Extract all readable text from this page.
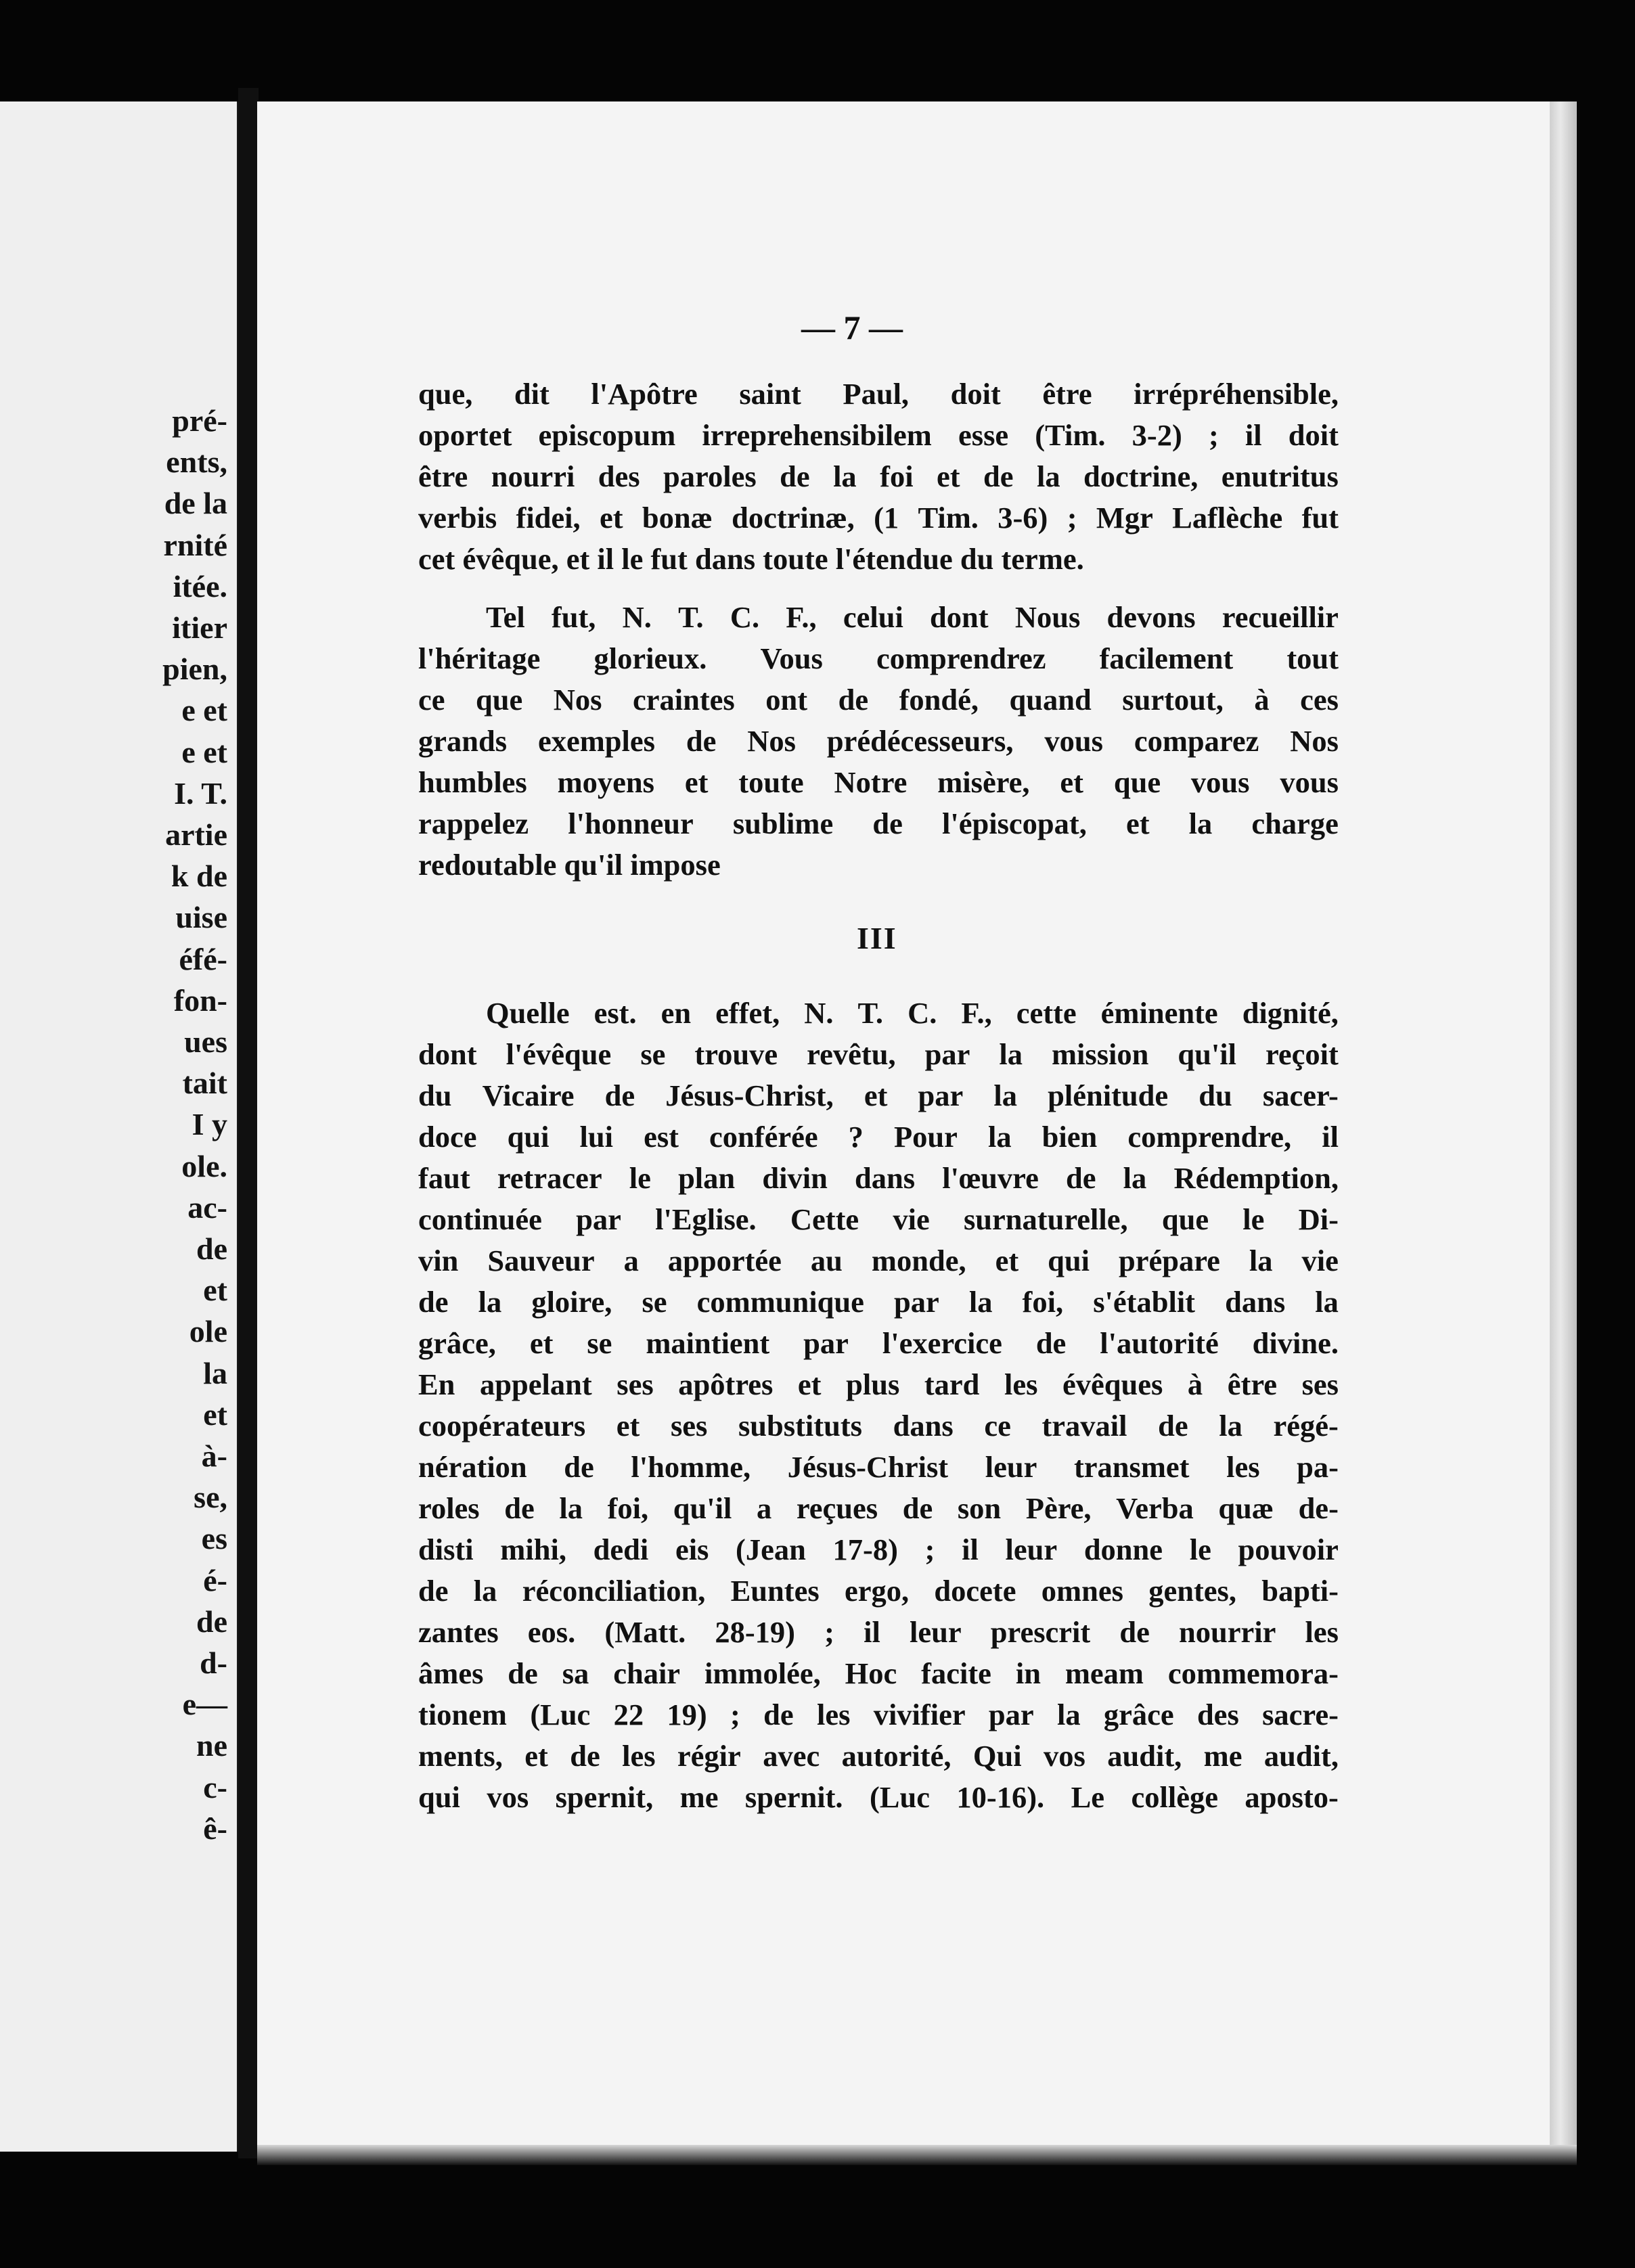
pré-

ents,

de la

rnité

itée.

itier

pien,

e et

e et

I. T.

artie

k de

uise

éfé-

fon-

ues

tait

I y

ole.

ac-

de

et

ole

la

et

à-

se,

es

é-

de

d-

e—

ne

c-

ê-

— 7 —

que, dit l'Apôtre saint Paul, doit être irrépréhensible,
oportet episcopum irreprehensibilem esse (Tim. 3-2) ; il doit
être nourri des paroles de la foi et de la doctrine, enutritus
verbis fidei, et bonæ doctrinæ, (1 Tim. 3-6) ; Mgr Laflèche fut
cet évêque, et il le fut dans toute l'étendue du terme.
Tel fut, N. T. C. F., celui dont Nous devons recueillir
l'héritage glorieux. Vous comprendrez facilement tout
ce que Nos craintes ont de fondé, quand surtout, à ces
grands exemples de Nos prédécesseurs, vous comparez Nos
humbles moyens et toute Notre misère, et que vous vous
rappelez l'honneur sublime de l'épiscopat, et la charge
redoutable qu'il impose

III

Quelle est. en effet, N. T. C. F., cette éminente dignité,
dont l'évêque se trouve revêtu, par la mission qu'il reçoit
du Vicaire de Jésus-Christ, et par la plénitude du sacer-
doce qui lui est conférée ? Pour la bien comprendre, il
faut retracer le plan divin dans l'œuvre de la Rédemption,
continuée par l'Eglise. Cette vie surnaturelle, que le Di-
vin Sauveur a apportée au monde, et qui prépare la vie
de la gloire, se communique par la foi, s'établit dans la
grâce, et se maintient par l'exercice de l'autorité divine.
En appelant ses apôtres et plus tard les évêques à être ses
coopérateurs et ses substituts dans ce travail de la régé-
nération de l'homme, Jésus-Christ leur transmet les pa-
roles de la foi, qu'il a reçues de son Père, Verba quæ de-
disti mihi, dedi eis (Jean 17-8) ; il leur donne le pouvoir
de la réconciliation, Euntes ergo, docete omnes gentes, bapti-
zantes eos. (Matt. 28-19) ; il leur prescrit de nourrir les
âmes de sa chair immolée, Hoc facite in meam commemora-
tionem (Luc 22 19) ; de les vivifier par la grâce des sacre-
ments, et de les régir avec autorité, Qui vos audit, me audit,
qui vos spernit, me spernit. (Luc 10-16). Le collège aposto-
